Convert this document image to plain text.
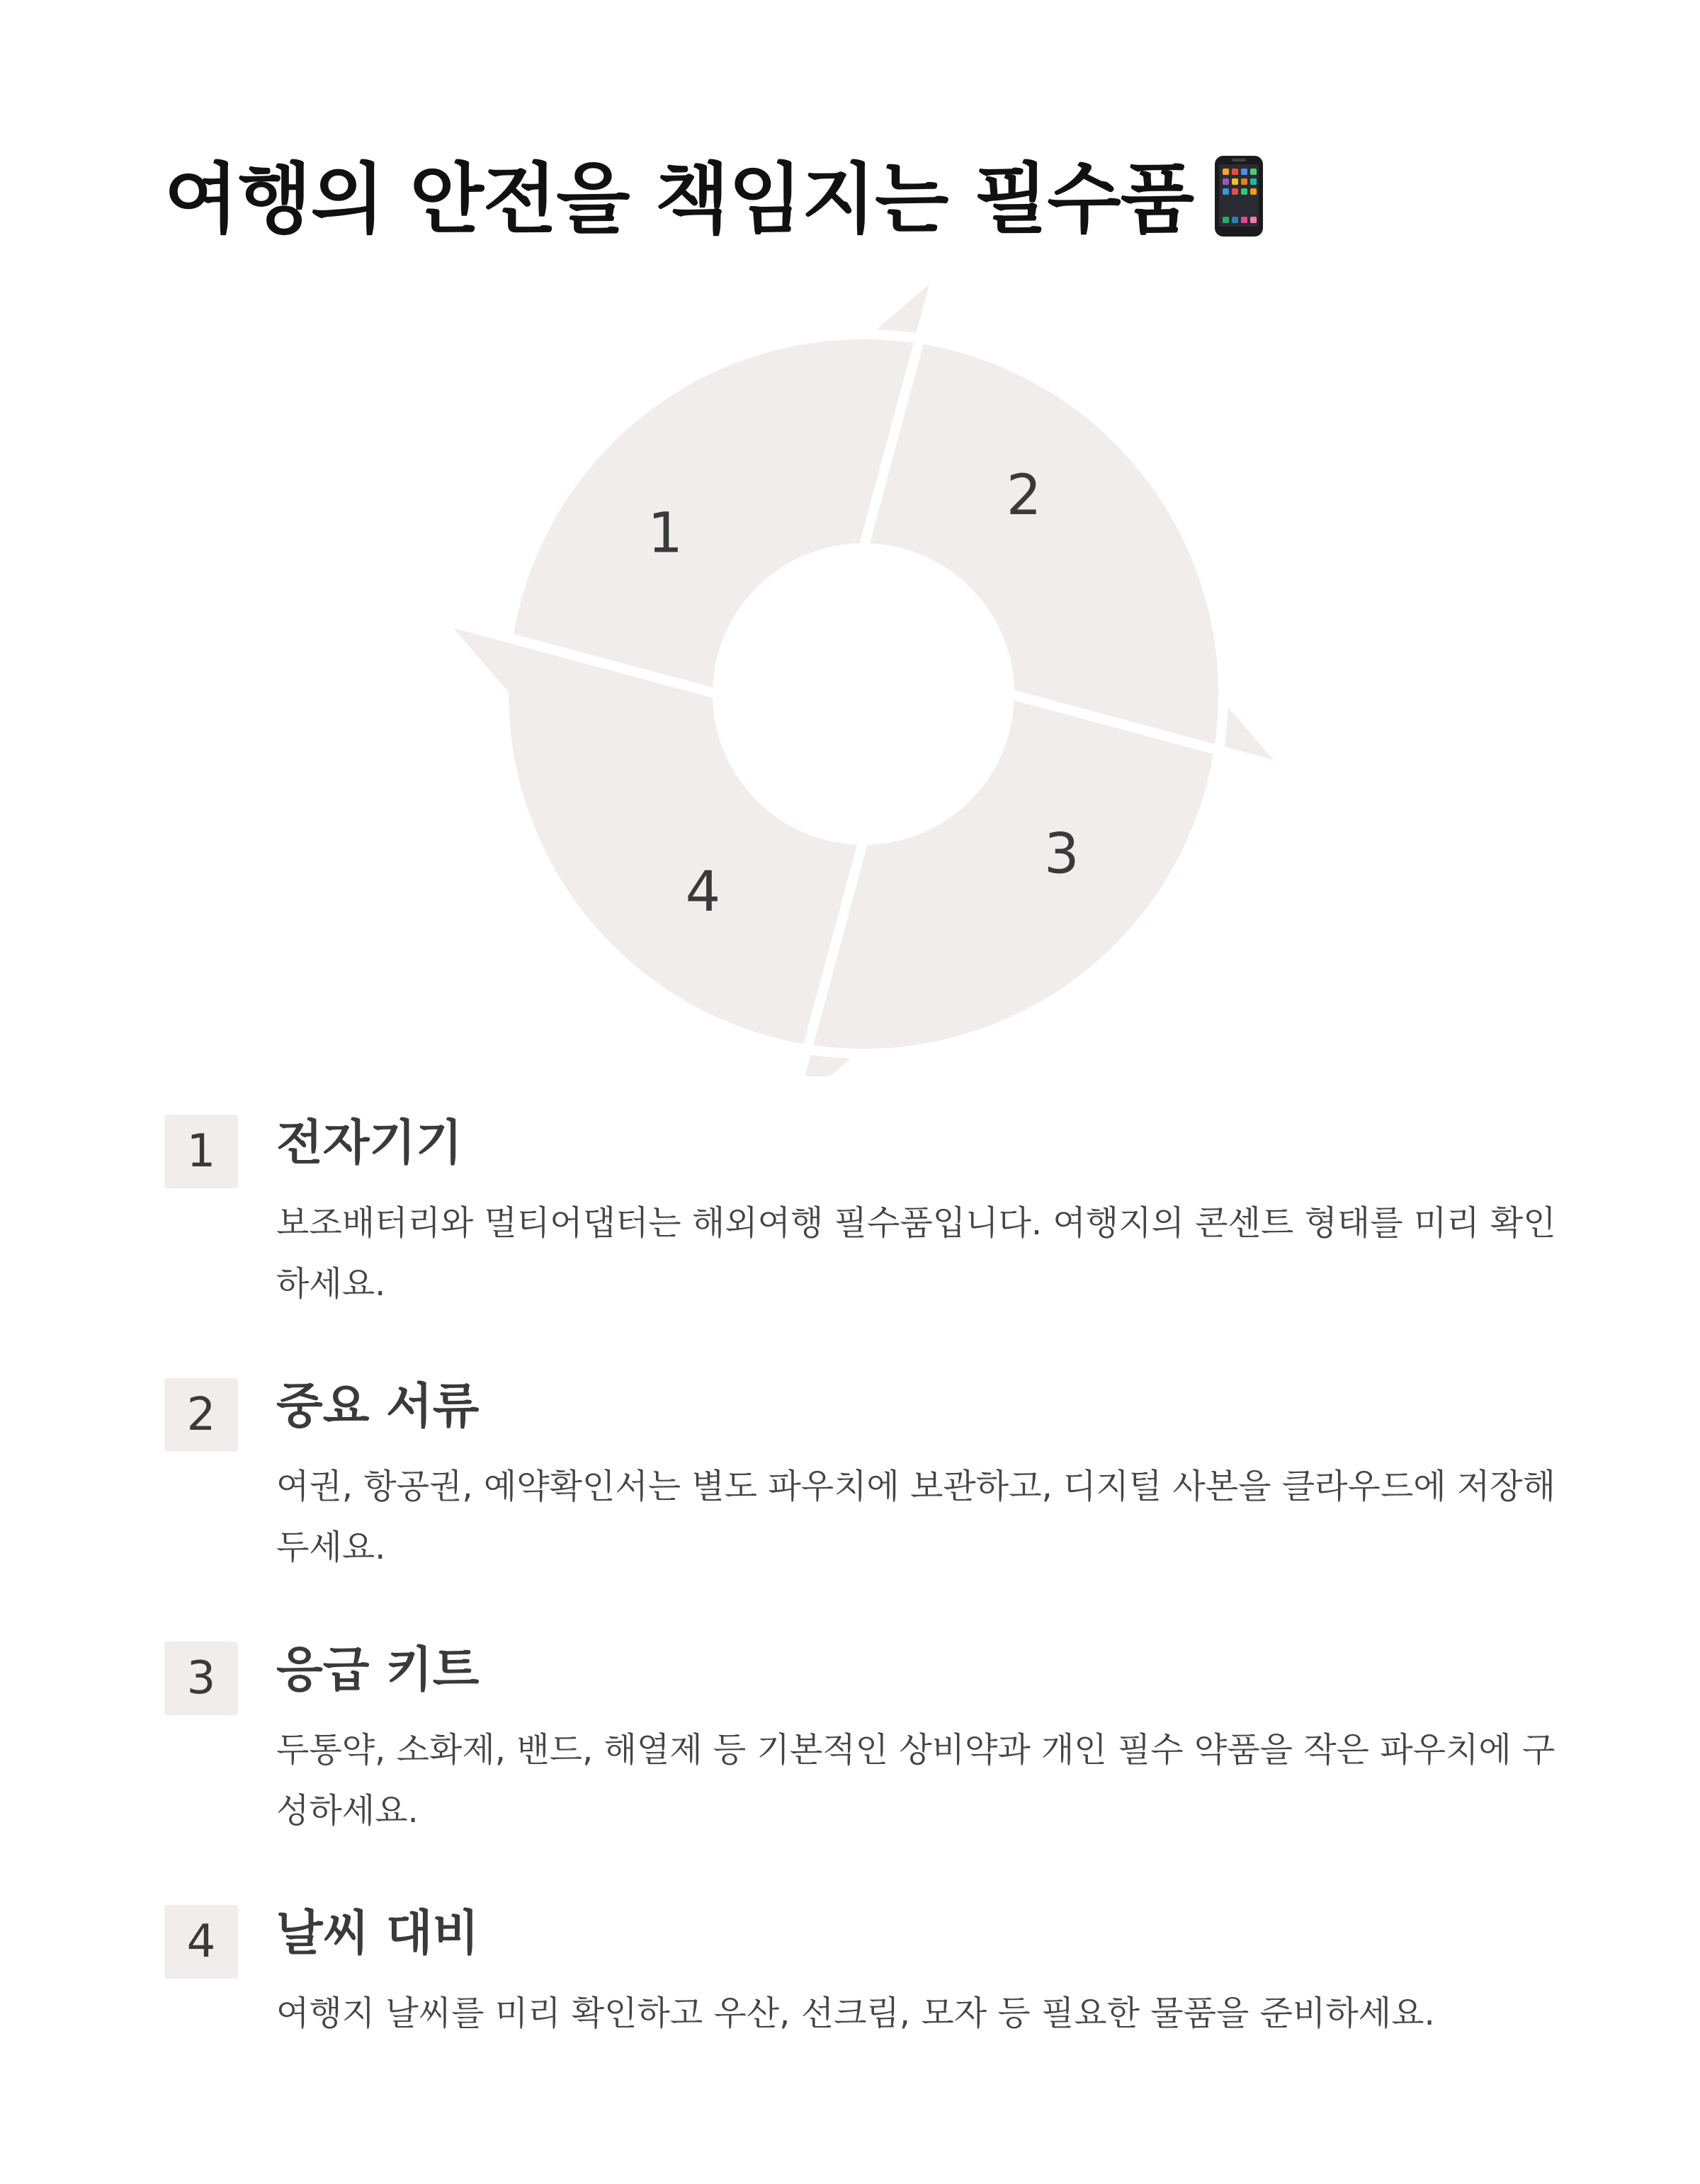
여행의 안전을 책임지는 필수품
1
2
3
4
1	전자기기

보조배터리와 멀티어댑터는 해외여행 필수품입니다. 여행지의 콘센트 형태를 미리 확인하세요.

2	중요 서류

여권, 항공권, 예약확인서는 별도 파우치에 보관하고, 디지털 사본을 클라우드에 저장해두세요.

3	응급 키트

두통약, 소화제, 밴드, 해열제 등 기본적인 상비약과 개인 필수 약품을 작은 파우치에 구성하세요.

4	날씨 대비

여행지 날씨를 미리 확인하고 우산, 선크림, 모자 등 필요한 물품을 준비하세요.
